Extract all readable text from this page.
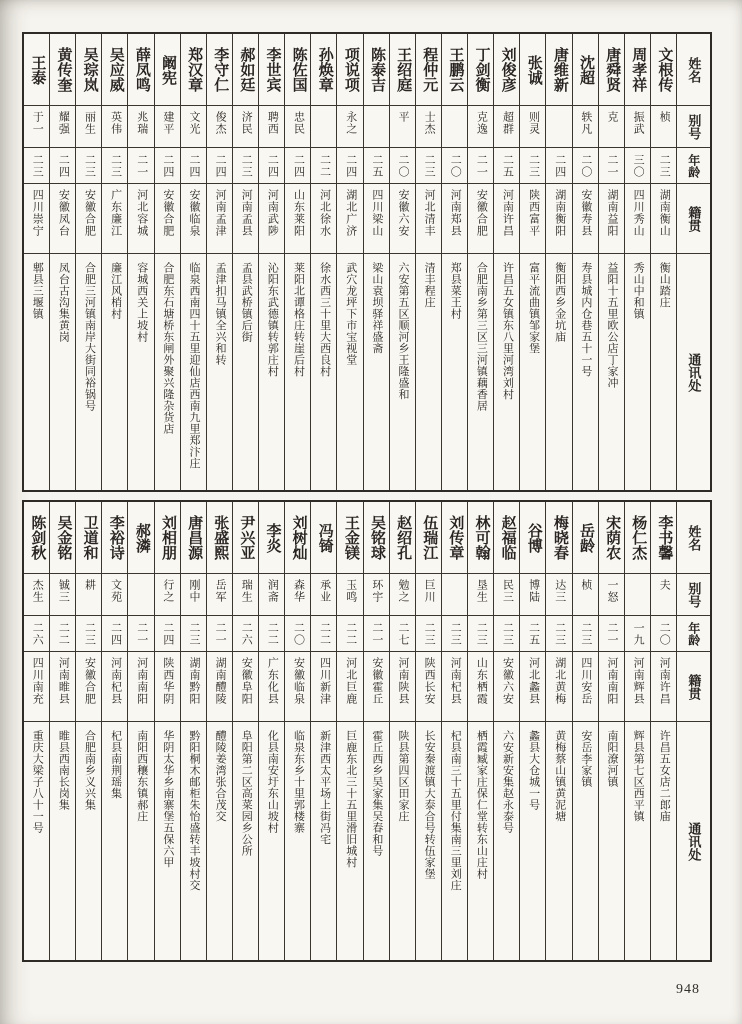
姓名
别号
年龄
籍贯
通讯处
文根传
桢
二三
湖南衡山
衡山踏庄
周孝祥
振武
三〇
四川秀山
秀山中和镇
唐舜贤
克
二一
湖南益阳
益阳十五里欧公店丁家冲
沈超
轶凡
二〇
安徽寿县
寿县城内仓巷五十一号
唐维新
二四
湖南衡阳
衡阳西乡金坑庙
张诚
则灵
二三
陕西富平
富平流曲镇邹家堡
刘俊彦
超群
二五
河南许昌
许昌五女镇东八里河湾刘村
丁剑衡
克逸
二一
安徽合肥
合肥南乡第三区三河镇藕香居
王鹏云
二〇
河南郑县
郑县菜王村
程仲元
士杰
二三
河北清丰
清丰程庄
王绍庭
平
二〇
安徽六安
六安第五区顺河乡王隆盛和
陈泰吉
二五
四川梁山
梁山袁坝驿祥盛斋
项说项
永之
二四
湖北广济
武穴龙坪下市宝视堂
孙焕章
二二
河北徐水
徐水西三十里大西良村
陈佐国
忠民
二四
山东莱阳
莱阳北谭格庄转崖后村
李世宾
聘西
二四
河南武陟
沁阳东武德镇转郭庄村
郝如廷
济民
二三
河南孟县
孟县武桥镇后街
李守仁
俊杰
二四
河南孟津
孟津扣马镇全兴和转
郑汉章
文光
二四
安徽临泉
临泉西南四十五里迎仙店西南九里郑汴庄
阚宪
建平
二四
安徽合肥
合肥东石塘桥东闸外聚兴隆杂货店
薛凤鸣
兆瑞
二一
河北容城
容城西关上坡村
吴应威
英伟
二三
广东廉江
廉江风梢村
吴琮岚
丽生
二三
安徽合肥
合肥三河镇南岸大街同裕锅号
黄传奎
耀强
二四
安徽凤台
凤台古沟集黄岗
王泰
于一
二三
四川崇宁
郫县三堰镇
姓名
别号
年龄
籍贯
通讯处
李书馨
夫
二〇
河南许昌
许昌五女店二郎庙
杨仁杰
一九
河南辉县
辉县第七区西平镇
宋荫农
一怒
二一
河南南阳
南阳潦河镇
岳龄
桢
二三
四川安岳
安岳李家镇
梅晓春
达三
二三
湖北黄梅
黄梅蔡山镇黄泥塘
谷博
博陆
二五
河北蠡县
蠡县大仓城一号
赵福临
民三
二三
安徽六安
六安新安集赵永泰号
林可翰
垦生
二三
山东栖霞
栖霞臧家庄保仁堂转东山庄村
刘传章
二三
河南杞县
杞县南三十五里付集南三里刘庄
伍瑞江
巨川
二三
陕西长安
长安秦渡镇大泰合号转伍家堡
赵绍孔
勉之
二七
河南陕县
陕县第四区田家庄
吴铭球
环宇
二一
安徽霍丘
霍丘西乡吴家集吴春和号
王金镁
玉鸣
二二
河北巨鹿
巨鹿东北三十五里滑旧城村
冯锜
承业
二二
四川新津
新津西太平场上街冯宅
刘树灿
森华
二〇
安徽临泉
临泉东乡十里郭楼寨
李炎
润斋
二二
广东化县
化县南安圩东山坡村
尹兴亚
瑞生
二六
安徽阜阳
阜阳第二区高菜园乡公所
张盛熙
岳军
二一
湖南醴陵
醴陵姜湾张合茂交
唐昌源
刚中
二三
湖南黔阳
黔阳桐木邮柜朱怡盛转丰坡村交
刘相朋
行之
二四
陕西华阴
华阴太华乡南寨堡五保六甲
郝潾
二一
河南南阳
南阳西穰东镇郝庄
李裕诗
文苑
二四
河南杞县
杞县南荆瑶集
卫道和
耕
二三
安徽合肥
合肥南乡义兴集
吴金铭
铖三
二二
河南睢县
睢县西南长岗集
陈剑秋
杰生
二六
四川南充
重庆大梁子八十一号
948
